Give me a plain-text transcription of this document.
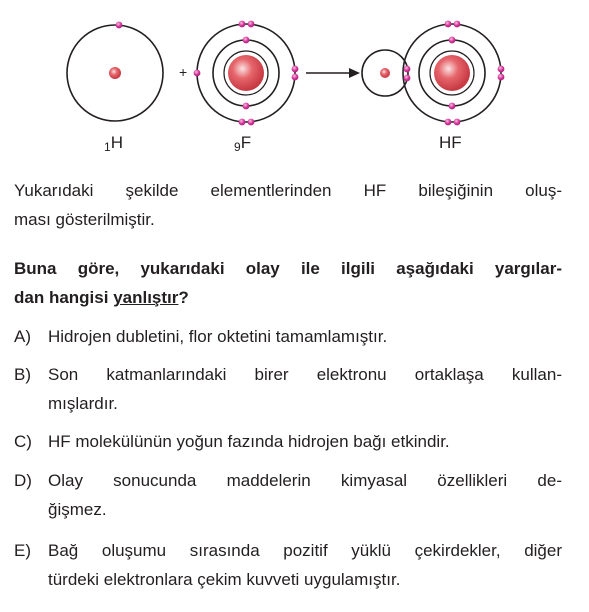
+
$_1$H	$_9$F	HF
Yukarıdaki şekilde elementlerinden HF bileşiğinin oluş-
ması gösterilmiştir.
Buna göre, yukarıdaki olay ile ilgili aşağıdaki yargılar-
dan hangisi yanlıştır?
A) Hidrojen dubletini, flor oktetini tamamlamıştır.
B) Son katmanlarındaki birer elektronu ortaklaşa kullan-
mışlardır.
C) HF molekülünün yoğun fazında hidrojen bağı etkindir.
D) Olay sonucunda maddelerin kimyasal özellikleri de-
ğişmez.
E) Bağ oluşumu sırasında pozitif yüklü çekirdekler, diğer
türdeki elektronlara çekim kuvveti uygulamıştır.
